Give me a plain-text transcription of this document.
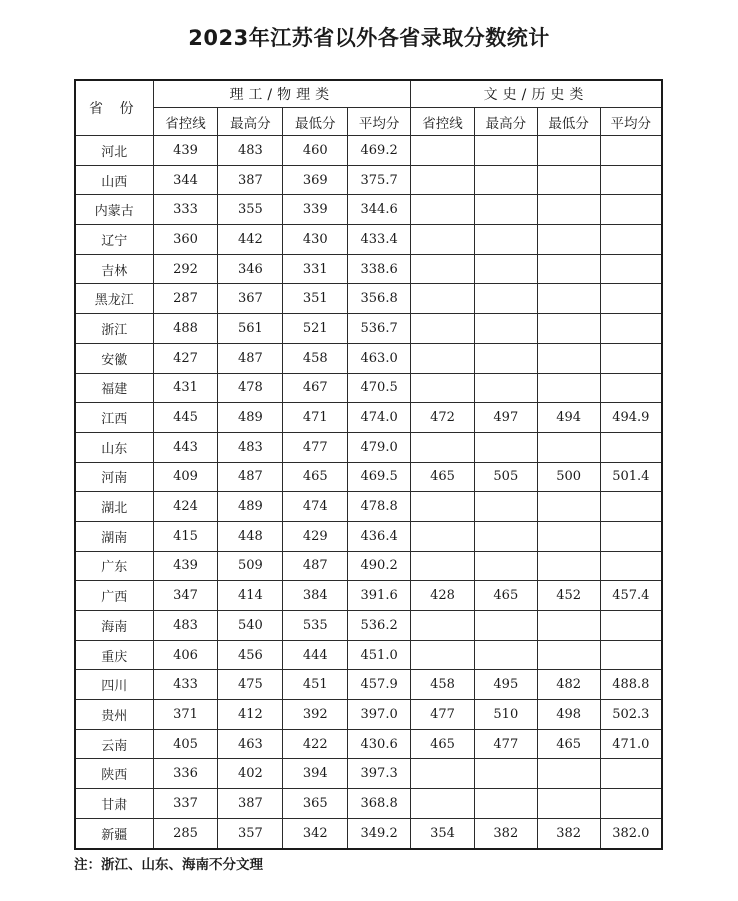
2023年江苏省以外各省录取分数统计
省 份	理工/物理类				文史/历史类			
	省控线	最高分	最低分	平均分	省控线	最高分	最低分	平均分
河北	439	483	460	469.2				
山西	344	387	369	375.7				
内蒙古	333	355	339	344.6				
辽宁	360	442	430	433.4				
吉林	292	346	331	338.6				
黑龙江	287	367	351	356.8				
浙江	488	561	521	536.7				
安徽	427	487	458	463.0				
福建	431	478	467	470.5				
江西	445	489	471	474.0	472	497	494	494.9
山东	443	483	477	479.0				
河南	409	487	465	469.5	465	505	500	501.4
湖北	424	489	474	478.8				
湖南	415	448	429	436.4				
广东	439	509	487	490.2				
广西	347	414	384	391.6	428	465	452	457.4
海南	483	540	535	536.2				
重庆	406	456	444	451.0				
四川	433	475	451	457.9	458	495	482	488.8
贵州	371	412	392	397.0	477	510	498	502.3
云南	405	463	422	430.6	465	477	465	471.0
陕西	336	402	394	397.3				
甘肃	337	387	365	368.8				
新疆	285	357	342	349.2	354	382	382	382.0
注：浙江、山东、海南不分文理
